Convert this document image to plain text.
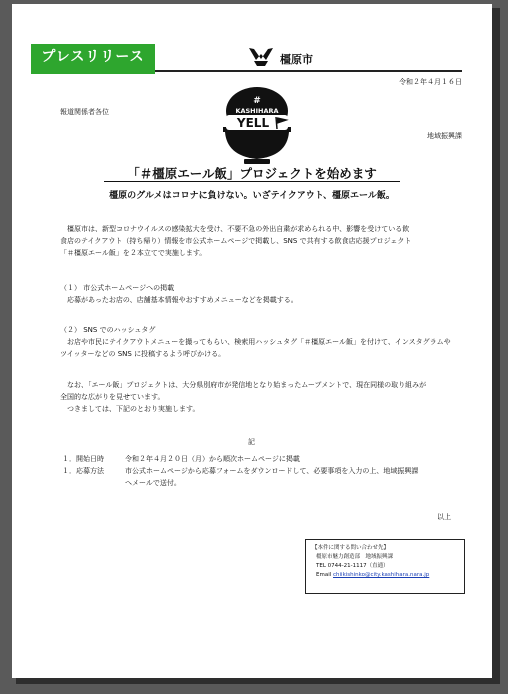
プレスリリース	橿原市
令和２年４月１６日
報道関係者各位
地域振興課
#
KASHIHARA
YELL
「＃橿原エール飯」プロジェクトを始めます
橿原のグルメはコロナに負けない。いざテイクアウト、橿原エール飯。
　橿原市は、新型コロナウイルスの感染拡大を受け、不要不急の外出自粛が求められる中、影響を受けている飲
食店のテイクアウト（持ち帰り）情報を市公式ホームページで掲載し、SNS で共有する飲食店応援プロジェクト
「＃橿原エール飯」を２本立てで実施します。
（１） 市公式ホームページへの掲載
　応募があったお店の、店舗基本情報やおすすめメニューなどを掲載する。
（２） SNS でのハッシュタグ
　お店や市民にテイクアウトメニューを撮ってもらい、検索用ハッシュタグ「＃橿原エール飯」を付けて、インスタグラムや
ツイッターなどの SNS に投稿するよう呼びかける。
　なお、「エール飯」プロジェクトは、大分県別府市が発信地となり始まったムーブメントで、現在同様の取り組みが
全国的な広がりを見せています。
　つきましては、下記のとおり実施します。
記
１．開始日時	令和２年４月２０日（月）から順次ホームページに掲載
１．応募方法	市公式ホームページから応募フォームをダウンロードして、必要事項を入力の上、地域振興課
へメールで送付。
以上
【本件に関する問い合わせ先】
橿原市魅力創造部　地域振興課
TEL 0744-21-1117（直通）
Email chiikishinko@city.kashihara.nara.jp
